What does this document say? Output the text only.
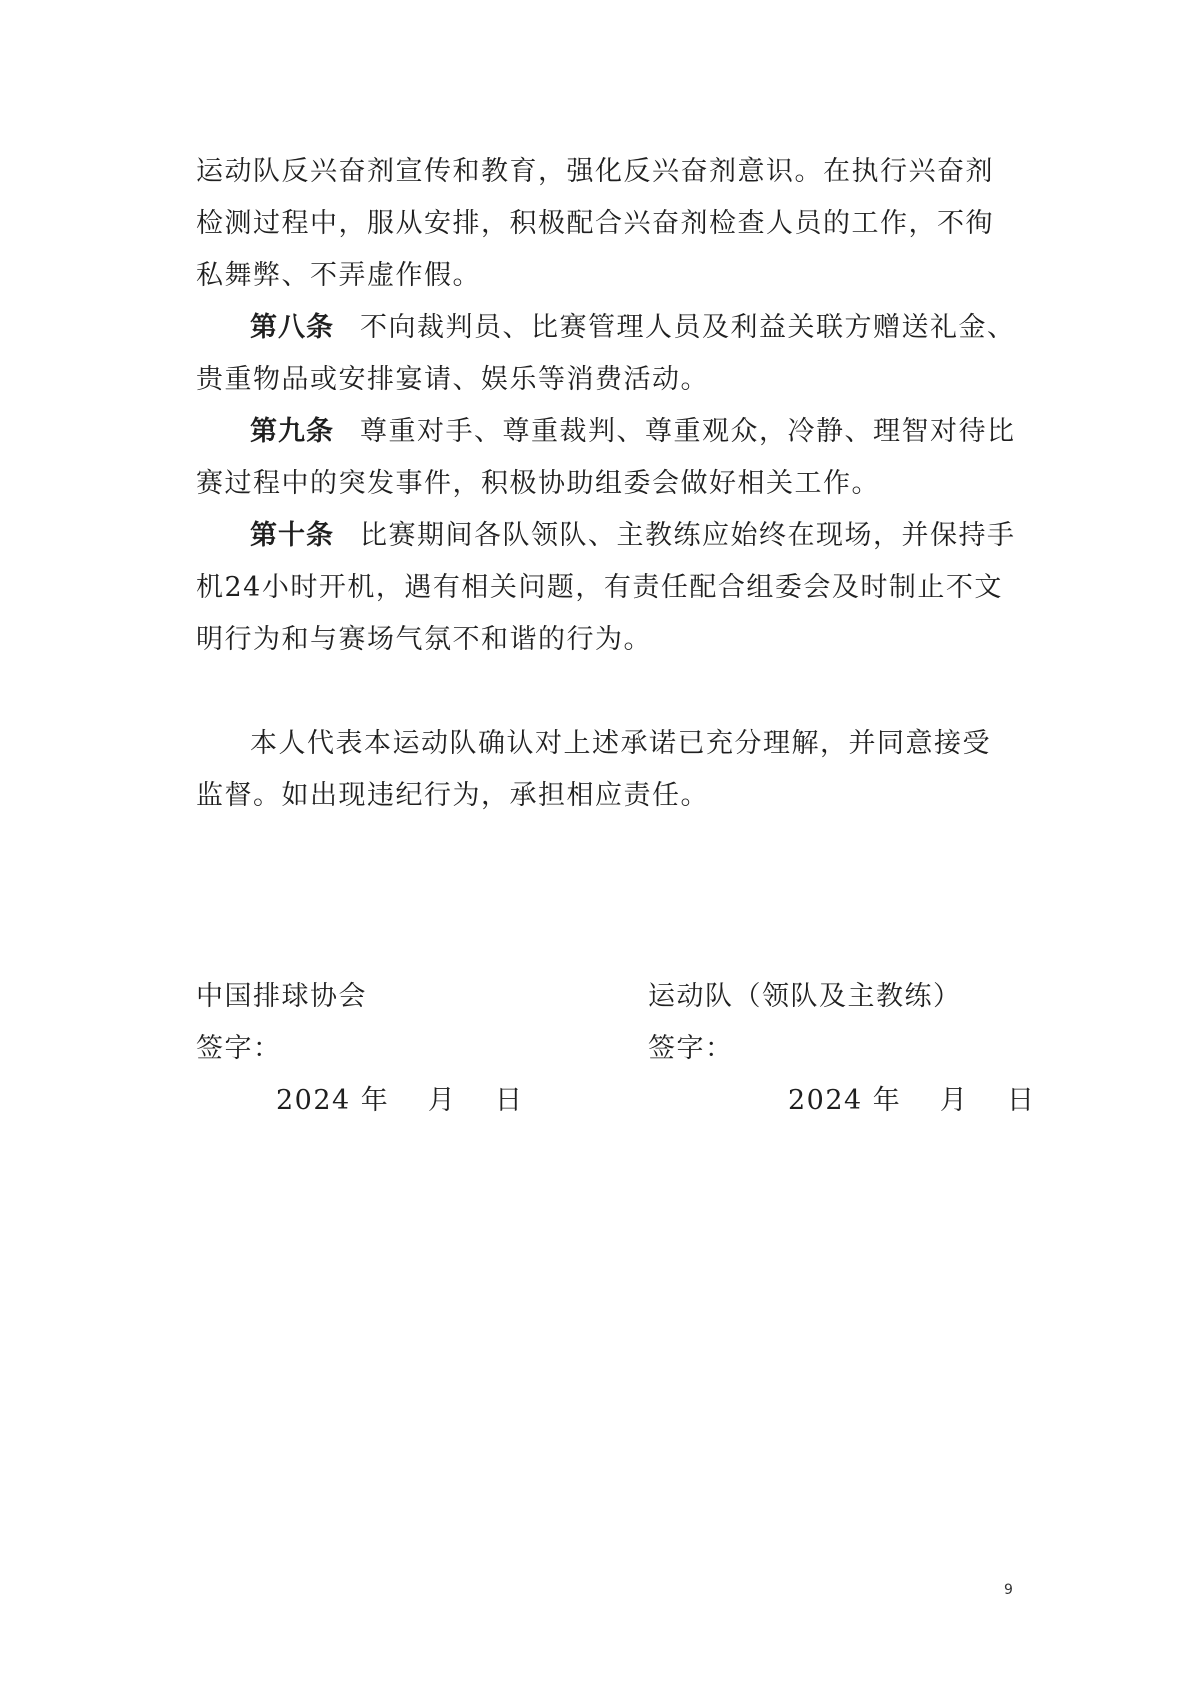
运动队反兴奋剂宣传和教育，强化反兴奋剂意识。在执行兴奋剂检测过程中，服从安排，积极配合兴奋剂检查人员的工作，不徇私舞弊、不弄虚作假。

第八条 不向裁判员、比赛管理人员及利益关联方赠送礼金、贵重物品或安排宴请、娱乐等消费活动。

第九条 尊重对手、尊重裁判、尊重观众，冷静、理智对待比赛过程中的突发事件，积极协助组委会做好相关工作。

第十条 比赛期间各队领队、主教练应始终在现场，并保持手机24小时开机，遇有相关问题，有责任配合组委会及时制止不文明行为和与赛场气氛不和谐的行为。

本人代表本运动队确认对上述承诺已充分理解，并同意接受监督。如出现违纪行为，承担相应责任。

中国排球协会
签字：
2024 年　 月　 日
运动队（领队及主教练）
签字：
2024 年　 月　 日
9
